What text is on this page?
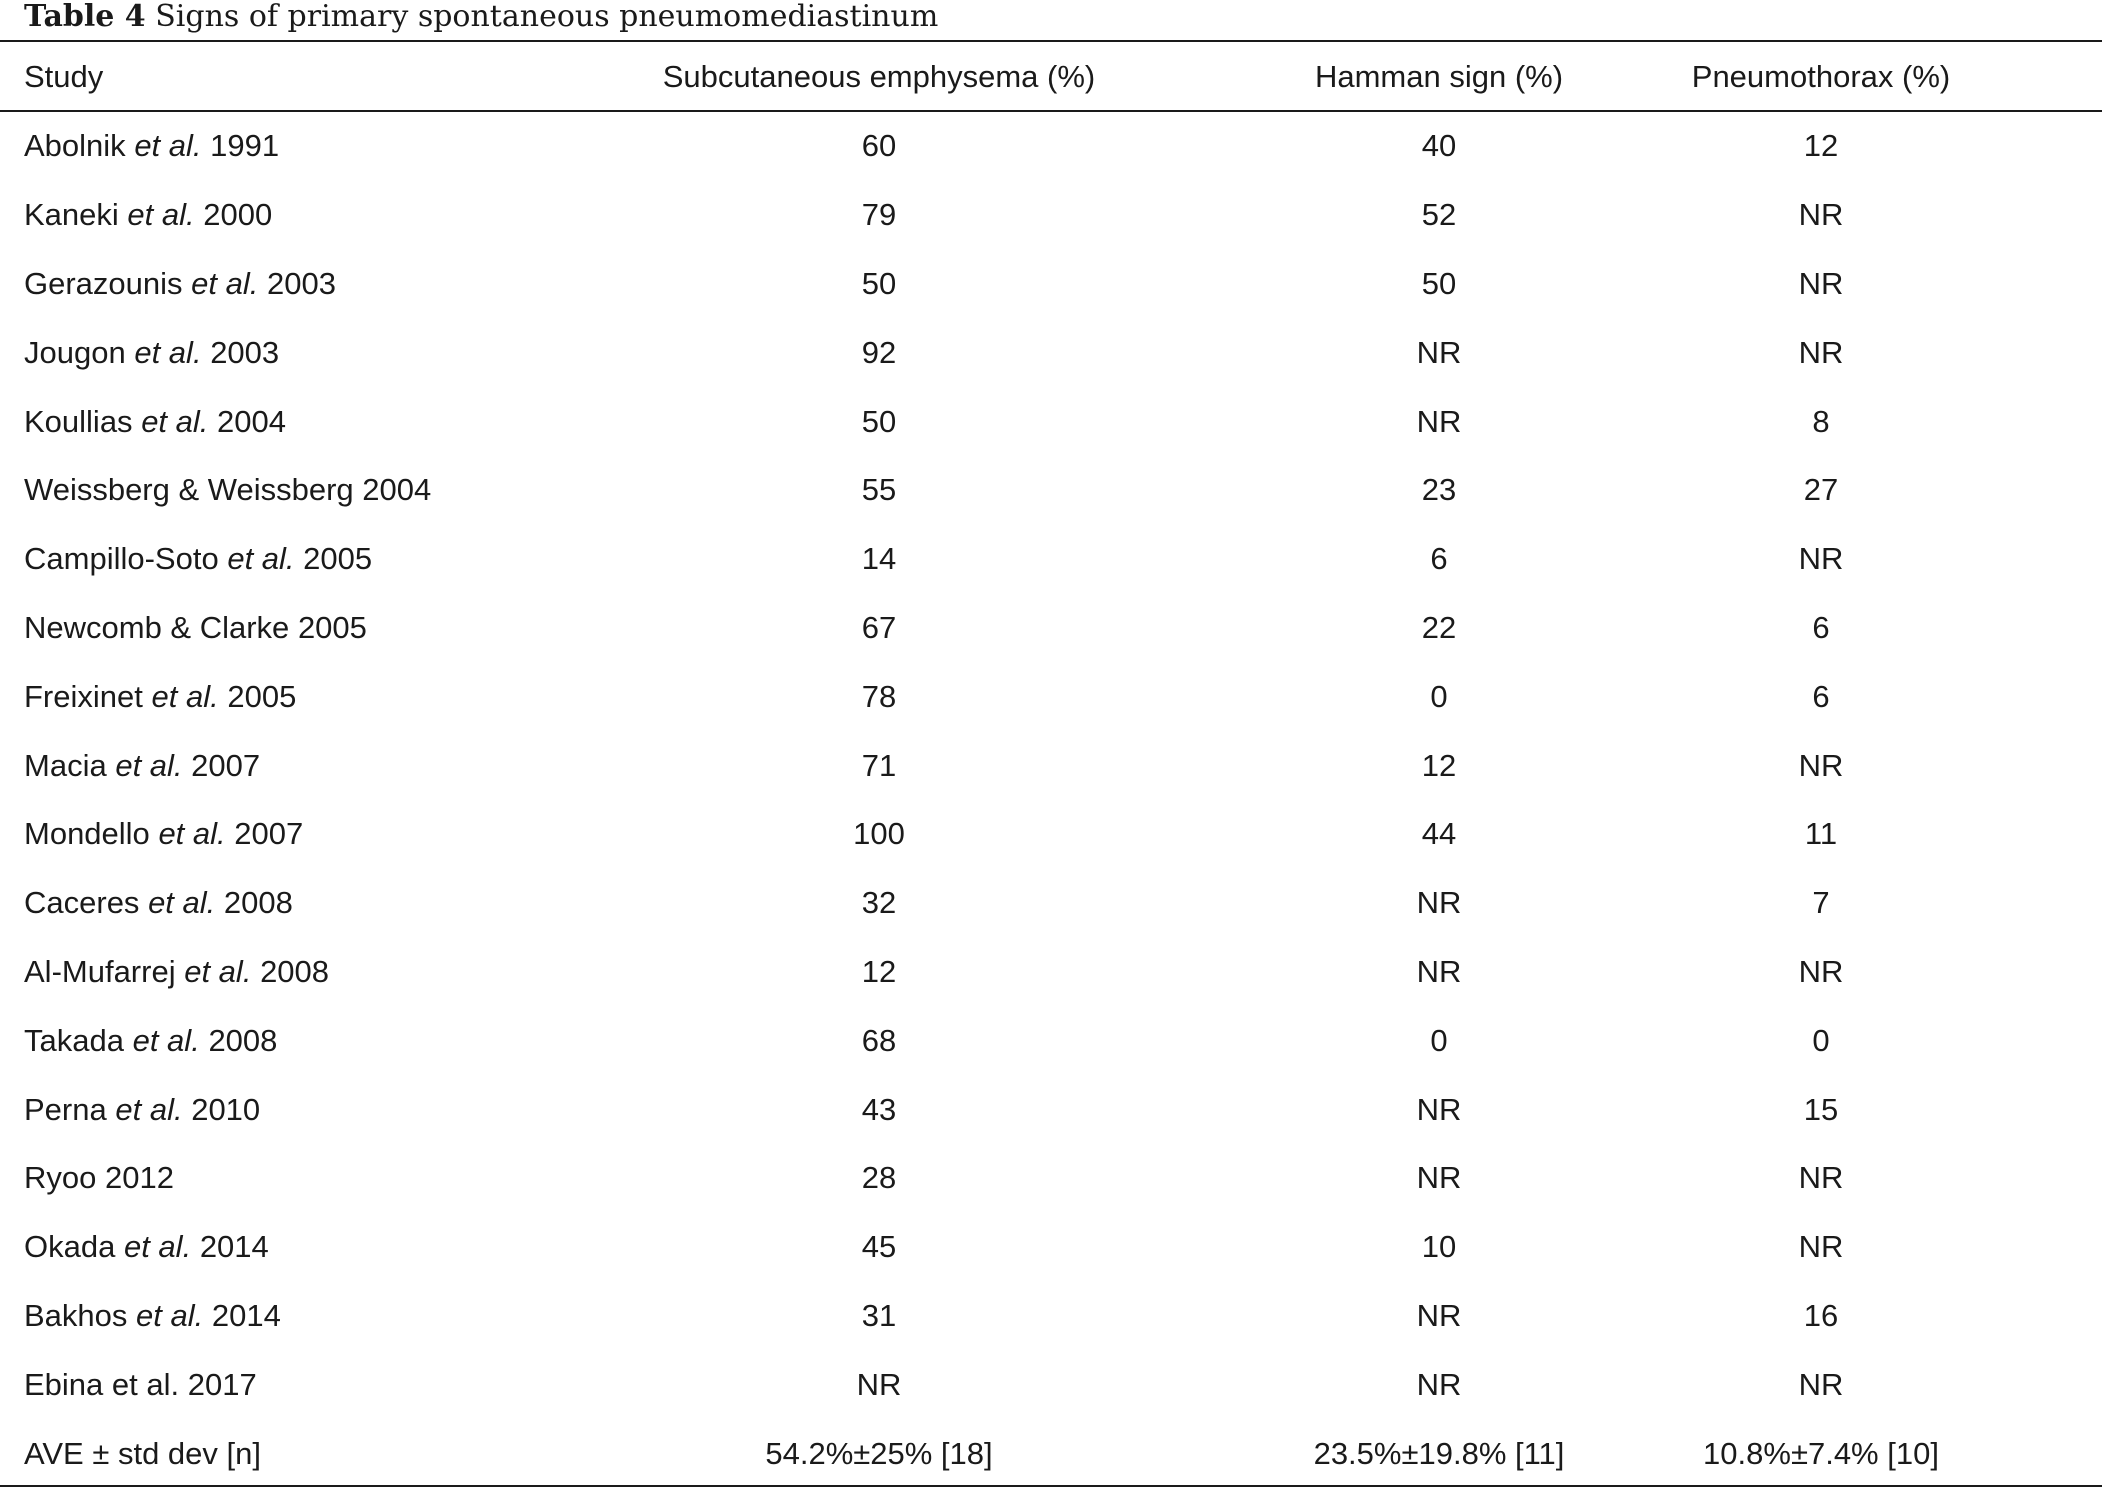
Table 4 Signs of primary spontaneous pneumomediastinum
Study	Subcutaneous emphysema (%)	Hamman sign (%)	Pneumothorax (%)
Abolnik et al. 1991	60	40	12
Kaneki et al. 2000	79	52	NR
Gerazounis et al. 2003	50	50	NR
Jougon et al. 2003	92	NR	NR
Koullias et al. 2004	50	NR	8
Weissberg & Weissberg 2004	55	23	27
Campillo-Soto et al. 2005	14	6	NR
Newcomb & Clarke 2005	67	22	6
Freixinet et al. 2005	78	0	6
Macia et al. 2007	71	12	NR
Mondello et al. 2007	100	44	11
Caceres et al. 2008	32	NR	7
Al-Mufarrej et al. 2008	12	NR	NR
Takada et al. 2008	68	0	0
Perna et al. 2010	43	NR	15
Ryoo 2012	28	NR	NR
Okada et al. 2014	45	10	NR
Bakhos et al. 2014	31	NR	16
Ebina et al. 2017	NR	NR	NR
AVE ± std dev [n]	54.2%±25% [18]	23.5%±19.8% [11]	10.8%±7.4% [10]
